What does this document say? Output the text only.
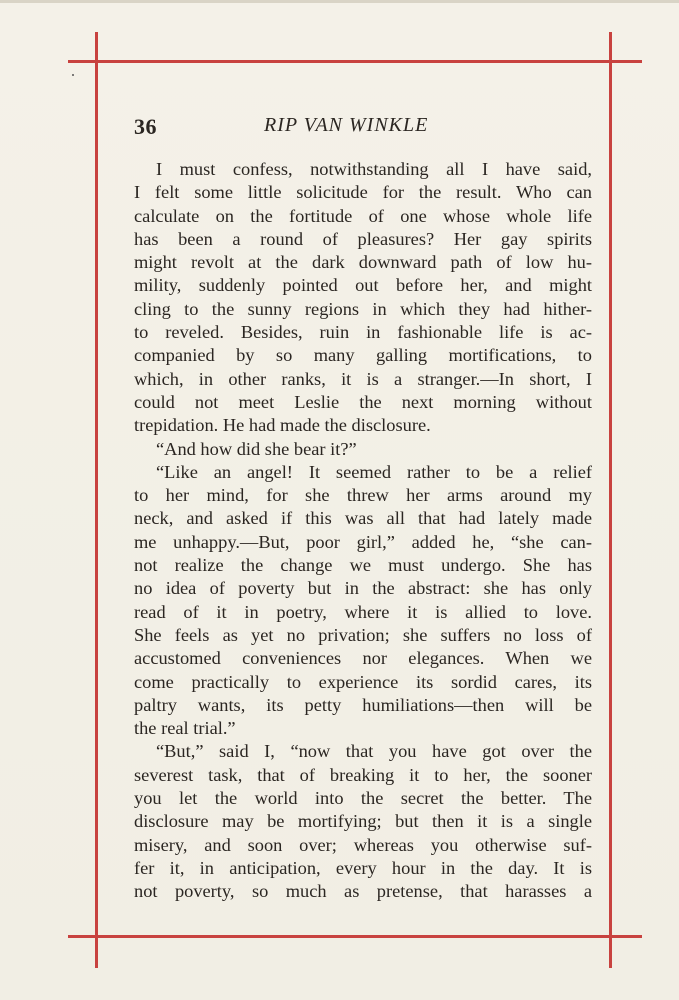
36	RIP VAN WINKLE
I must confess, notwithstanding all I have said,
I felt some little solicitude for the result. Who can
calculate on the fortitude of one whose whole life
has been a round of pleasures? Her gay spirits
might revolt at the dark downward path of low hu-
mility, suddenly pointed out before her, and might
cling to the sunny regions in which they had hither-
to reveled. Besides, ruin in fashionable life is ac-
companied by so many galling mortifications, to
which, in other ranks, it is a stranger.—In short, I
could not meet Leslie the next morning without
trepidation. He had made the disclosure.
“And how did she bear it?”
“Like an angel! It seemed rather to be a relief
to her mind, for she threw her arms around my
neck, and asked if this was all that had lately made
me unhappy.—But, poor girl,” added he, “she can-
not realize the change we must undergo. She has
no idea of poverty but in the abstract: she has only
read of it in poetry, where it is allied to love.
She feels as yet no privation; she suffers no loss of
accustomed conveniences nor elegances. When we
come practically to experience its sordid cares, its
paltry wants, its petty humiliations—then will be
the real trial.”
“But,” said I, “now that you have got over the
severest task, that of breaking it to her, the sooner
you let the world into the secret the better. The
disclosure may be mortifying; but then it is a single
misery, and soon over; whereas you otherwise suf-
fer it, in anticipation, every hour in the day. It is
not poverty, so much as pretense, that harasses a
